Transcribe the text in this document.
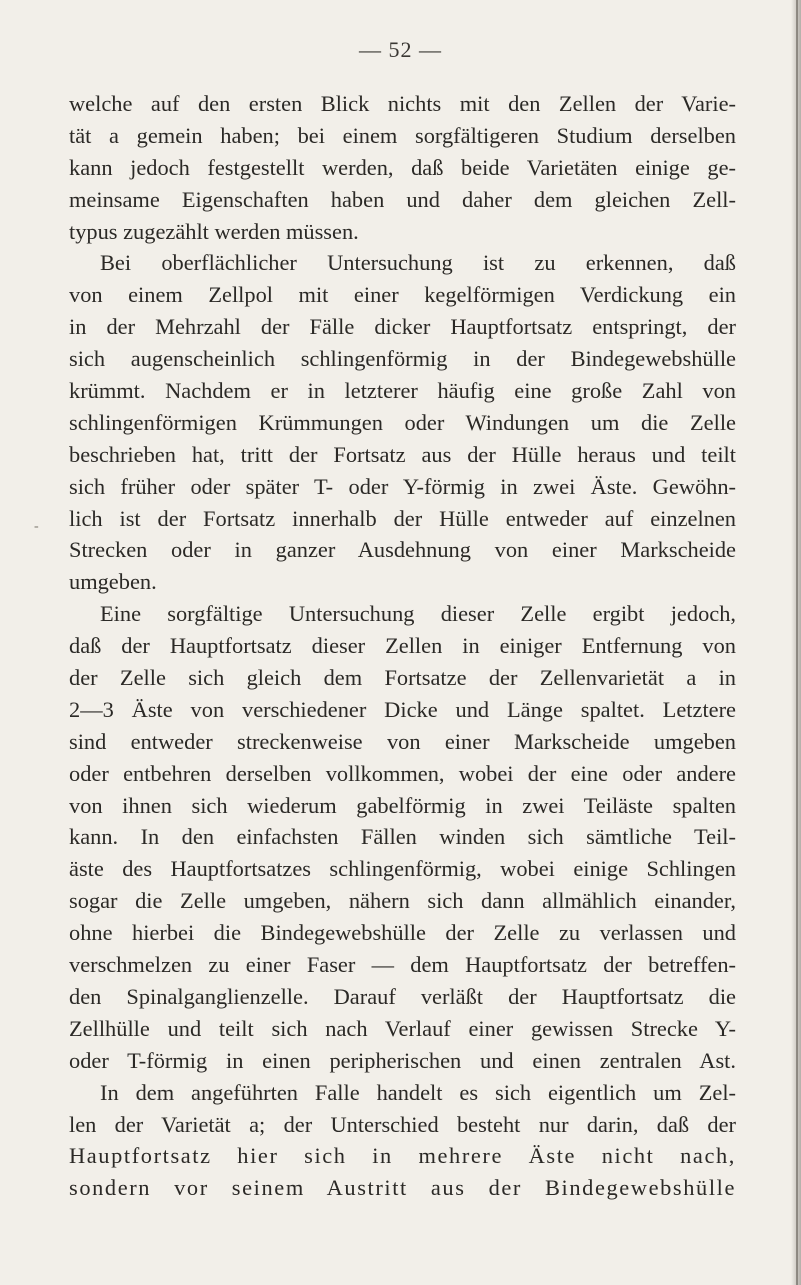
— 52 —
-
welche auf den ersten Blick nichts mit den Zellen der Varie-
tät a gemein haben; bei einem sorgfältigeren Studium derselben
kann jedoch festgestellt werden, daß beide Varietäten einige ge-
meinsame Eigenschaften haben und daher dem gleichen Zell-
typus zugezählt werden müssen.
Bei oberflächlicher Untersuchung ist zu erkennen, daß
von einem Zellpol mit einer kegelförmigen Verdickung ein
in der Mehrzahl der Fälle dicker Hauptfortsatz entspringt, der
sich augenscheinlich schlingenförmig in der Bindegewebshülle
krümmt. Nachdem er in letzterer häufig eine große Zahl von
schlingenförmigen Krümmungen oder Windungen um die Zelle
beschrieben hat, tritt der Fortsatz aus der Hülle heraus und teilt
sich früher oder später T- oder Y-förmig in zwei Äste. Gewöhn-
lich ist der Fortsatz innerhalb der Hülle entweder auf einzelnen
Strecken oder in ganzer Ausdehnung von einer Markscheide
umgeben.
Eine sorgfältige Untersuchung dieser Zelle ergibt jedoch,
daß der Hauptfortsatz dieser Zellen in einiger Entfernung von
der Zelle sich gleich dem Fortsatze der Zellenvarietät a in
2—3 Äste von verschiedener Dicke und Länge spaltet. Letztere
sind entweder streckenweise von einer Markscheide umgeben
oder entbehren derselben vollkommen, wobei der eine oder andere
von ihnen sich wiederum gabelförmig in zwei Teiläste spalten
kann. In den einfachsten Fällen winden sich sämtliche Teil-
äste des Hauptfortsatzes schlingenförmig, wobei einige Schlingen
sogar die Zelle umgeben, nähern sich dann allmählich einander,
ohne hierbei die Bindegewebshülle der Zelle zu verlassen und
verschmelzen zu einer Faser — dem Hauptfortsatz der betreffen-
den Spinalganglienzelle. Darauf verläßt der Hauptfortsatz die
Zellhülle und teilt sich nach Verlauf einer gewissen Strecke Y-
oder T-förmig in einen peripherischen und einen zentralen Ast.
In dem angeführten Falle handelt es sich eigentlich um Zel-
len der Varietät a; der Unterschied besteht nur darin, daß der
Hauptfortsatz hier sich in mehrere Äste nicht nach,
sondern vor seinem Austritt aus der Bindegewebshülle
